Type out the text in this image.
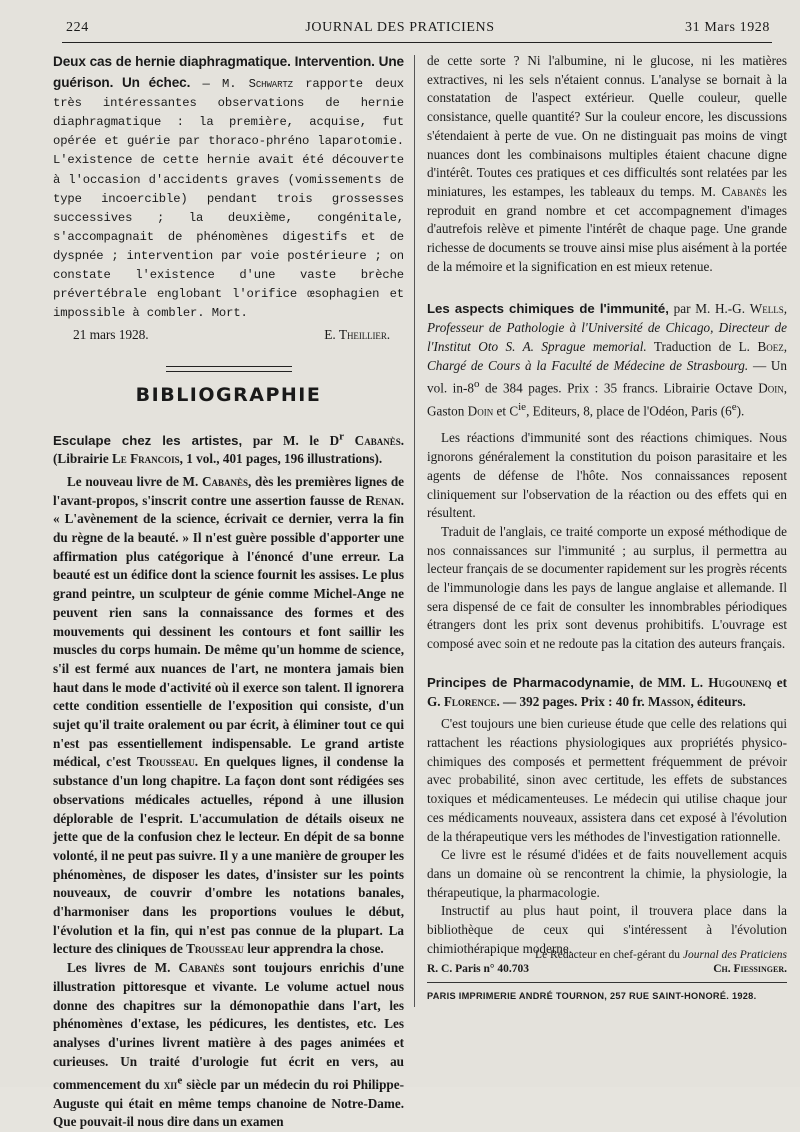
224	JOURNAL DES PRATICIENS	31 Mars 1928

Deux cas de hernie diaphragmatique. Intervention. Une guérison. Un échec. — M. Schwartz rapporte deux très intéressantes observations de hernie diaphragmatique : la première, acquise, fut opérée et guérie par thoraco-phréno laparotomie. L'existence de cette hernie avait été découverte à l'occasion d'accidents graves (vomissements de type incoercible) pendant trois grossesses successives ; la deuxième, congénitale, s'accompagnait de phénomènes digestifs et de dyspnée ; intervention par voie postérieure ; on constate l'existence d'une vaste brèche prévertébrale englobant l'orifice œsophagien et impossible à combler. Mort.

21 mars 1928.	E. Theillier.
BIBLIOGRAPHIE

Esculape chez les artistes, par M. le $D^r$ Cabanès. (Librairie Le Francois, 1 vol., 401 pages, 196 illustrations).

Le nouveau livre de M. Cabanès, dès les premières lignes de l'avant-propos, s'inscrit contre une assertion fausse de Renan. « L'avènement de la science, écrivait ce dernier, verra la fin du règne de la beauté. » Il n'est guère possible d'apporter une affirmation plus catégorique à l'énoncé d'une erreur. La beauté est un édifice dont la science fournit les assises. Le plus grand peintre, un sculpteur de génie comme Michel-Ange ne peuvent rien sans la connaissance des formes et des mouvements qui dessinent les contours et font saillir les muscles du corps humain. De même qu'un homme de science, s'il est fermé aux nuances de l'art, ne montera jamais bien haut dans le mode d'activité où il exerce son talent. Il ignorera cette condition essentielle de l'exposition qui consiste, d'un sujet qu'il traite oralement ou par écrit, à éliminer tout ce qui n'est pas essentiellement indispensable. Le grand artiste médical, c'est Trousseau. En quelques lignes, il condense la substance d'un long chapitre. La façon dont sont rédigées ses observations médicales actuelles, répond à une illusion déplorable de l'esprit. L'accumulation de détails oiseux ne jette que de la confusion chez le lecteur. En dépit de sa bonne volonté, il ne peut pas suivre. Il y a une manière de grouper les phénomènes, de disposer les dates, d'insister sur les points nouveaux, de couvrir d'ombre les notations banales, d'harmoniser dans les proportions voulues le début, l'évolution et la fin, qui n'est pas connue de la plupart. La lecture des cliniques de Trousseau leur apprendra la chose.

Les livres de M. Cabanès sont toujours enrichis d'une illustration pittoresque et vivante. Le volume actuel nous donne des chapitres sur la démonopathie dans l'art, les phénomènes d'extase, les pédicures, les dentistes, etc. Les analyses d'urines livrent matière à des pages animées et curieuses. Un traité d'urologie fut écrit en vers, au commencement du xii$^e$ siècle par un médecin du roi Philippe-Auguste qui était en même temps chanoine de Notre-Dame. Que pouvait-il nous dire dans un examen

de cette sorte ? Ni l'albumine, ni le glucose, ni les matières extractives, ni les sels n'étaient connus. L'analyse se bornait à la constatation de l'aspect extérieur. Quelle couleur, quelle consistance, quelle quantité? Sur la couleur encore, les discussions s'étendaient à perte de vue. On ne distinguait pas moins de vingt nuances dont les combinaisons multiples étaient chacune digne d'intérêt. Toutes ces pratiques et ces difficultés sont relatées par les miniatures, les estampes, les tableaux du temps. M. Cabanès les reproduit en grand nombre et cet accompagnement d'images d'autrefois relève et pimente l'intérêt de chaque page. Une grande richesse de documents se trouve ainsi mise plus aisément à la portée de la mémoire et la signification en est mieux retenue.

Les aspects chimiques de l'immunité, par M. H.-G. Wells, Professeur de Pathologie à l'Université de Chicago, Directeur de l'Institut Oto S. A. Sprague memorial. Traduction de L. Boez, Chargé de Cours à la Faculté de Médecine de Strasbourg. — Un vol. in-8$^o$ de 384 pages. Prix : 35 francs. Librairie Octave Doin, Gaston Doin et $C^{ie}$, Editeurs, 8, place de l'Odéon, Paris (6e).

Les réactions d'immunité sont des réactions chimiques. Nous ignorons généralement la constitution du poison parasitaire et les agents de défense de l'hôte. Nos connaissances reposent cliniquement sur l'observation de la réaction ou des effets qui en résultent.

Traduit de l'anglais, ce traité comporte un exposé méthodique de nos connaissances sur l'immunité ; au surplus, il permettra au lecteur français de se documenter rapidement sur les progrès récents de l'immunologie dans les pays de langue anglaise et allemande. Il sera dispensé de ce fait de consulter les innombrables périodiques étrangers dont les prix sont devenus prohibitifs. L'ouvrage est composé avec soin et ne redoute pas la citation des auteurs français.

Principes de Pharmacodynamie, de MM. L. Hugounenq et G. Florence. — 392 pages. Prix : 40 fr. Masson, éditeurs.

C'est toujours une bien curieuse étude que celle des relations qui rattachent les réactions physiologiques aux propriétés physico-chimiques des composés et permettent fréquemment de prévoir avec probabilité, sinon avec certitude, les effets de substances toxiques et médicamenteuses. Le médecin qui utilise chaque jour ces médicaments nouveaux, assistera dans cet exposé à l'évolution de la thérapeutique vers les méthodes de l'investigation rationnelle.

Ce livre est le résumé d'idées et de faits nouvellement acquis dans un domaine où se rencontrent la chimie, la physiologie, la thérapeutique, la pharmacologie.

Instructif au plus haut point, il trouvera place dans la bibliothèque de ceux qui s'intéressent à l'évolution chimiothérapique moderne.

Le Rédacteur en chef-gérant du Journal des Praticiens
R. C. Paris n° 40.703	Ch. Fiessinger.
PARIS IMPRIMERIE ANDRÉ TOURNON, 257 RUE SAINT-HONORÉ. 1928.
